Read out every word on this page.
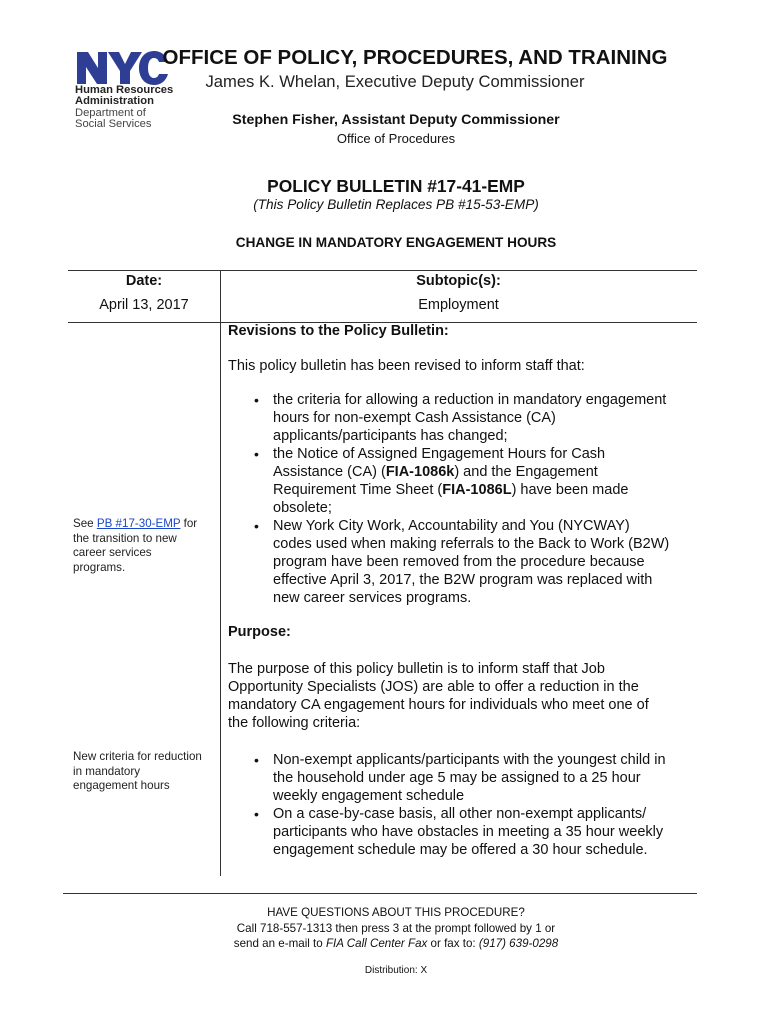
Human Resources
Administration
Department of
Social Services
OFFICE OF POLICY, PROCEDURES, AND TRAINING
James K. Whelan, Executive Deputy Commissioner
Stephen Fisher, Assistant Deputy Commissioner
Office of Procedures
POLICY BULLETIN #17-41-EMP
(This Policy Bulletin Replaces PB #15-53-EMP)
CHANGE IN MANDATORY ENGAGEMENT HOURS
Date:
April 13, 2017
Subtopic(s):
Employment
Revisions to the Policy Bulletin:
This policy bulletin has been revised to inform staff that:
• the criteria for allowing a reduction in mandatory engagement
hours for non-exempt Cash Assistance (CA)
applicants/participants has changed;
• the Notice of Assigned Engagement Hours for Cash
Assistance (CA) (FIA-1086k) and the Engagement
Requirement Time Sheet (FIA-1086L) have been made
obsolete;
• New York City Work, Accountability and You (NYCWAY)
codes used when making referrals to the Back to Work (B2W)
program have been removed from the procedure because
effective April 3, 2017, the B2W program was replaced with
new career services programs.
See PB #17-30-EMP for
the transition to new
career services
programs.
Purpose:
The purpose of this policy bulletin is to inform staff that Job
Opportunity Specialists (JOS) are able to offer a reduction in the
mandatory CA engagement hours for individuals who meet one of
the following criteria:
New criteria for reduction
in mandatory
engagement hours
• Non-exempt applicants/participants with the youngest child in
the household under age 5 may be assigned to a 25 hour
weekly engagement schedule
• On a case-by-case basis, all other non-exempt applicants/
participants who have obstacles in meeting a 35 hour weekly
engagement schedule may be offered a 30 hour schedule.
HAVE QUESTIONS ABOUT THIS PROCEDURE?
Call 718-557-1313 then press 3 at the prompt followed by 1 or
send an e-mail to FIA Call Center Fax or fax to: (917) 639-0298
Distribution: X
